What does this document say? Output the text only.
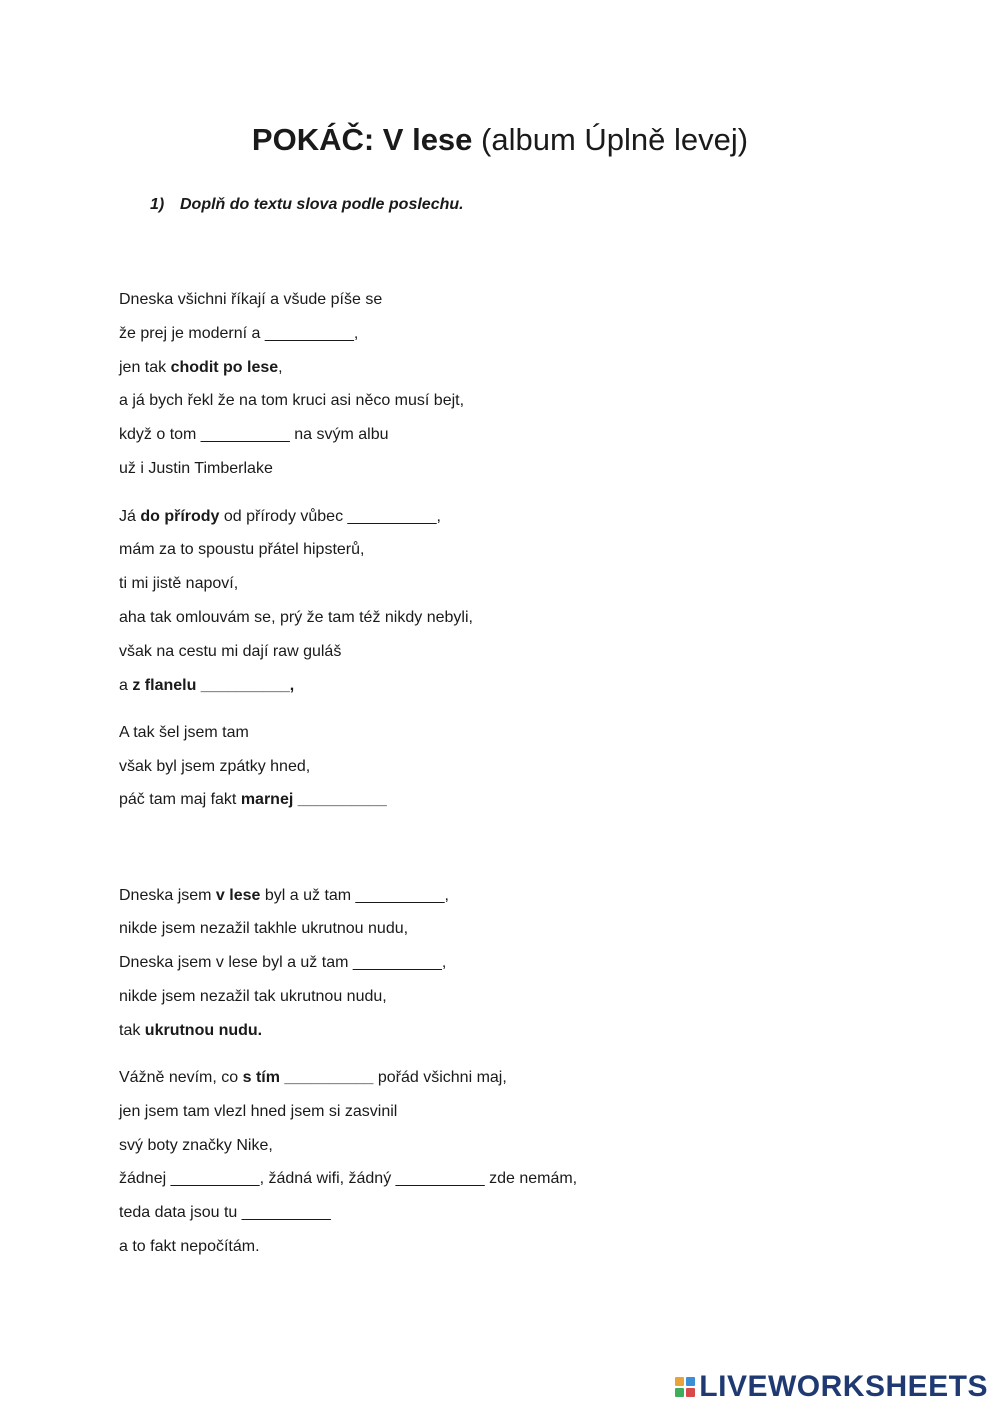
POKÁČ: V lese (album Úplně levej)
1) Doplň do textu slova podle poslechu.
Dneska všichni říkají a všude píše se
že prej je moderní a __________,
jen tak chodit po lese,
a já bych řekl že na tom kruci asi něco musí bejt,
když o tom __________ na svým albu
už i Justin Timberlake
Já do přírody od přírody vůbec __________,
mám za to spoustu přátel hipsterů,
ti mi jistě napoví,
aha tak omlouvám se, prý že tam též nikdy nebyli,
však na cestu mi dají raw guláš
a z flanelu __________,
A tak šel jsem tam
však byl jsem zpátky hned,
páč tam maj fakt marnej __________
Dneska jsem v lese byl a už tam __________,
nikde jsem nezažil takhle ukrutnou nudu,
Dneska jsem v lese byl a už tam __________,
nikde jsem nezažil tak ukrutnou nudu,
tak ukrutnou nudu.
Vážně nevím, co s tím __________ pořád všichni maj,
jen jsem tam vlezl hned jsem si zasvinil
svý boty značky Nike,
žádnej __________, žádná wifi, žádný __________ zde nemám,
teda data jsou tu __________
a to fakt nepočítám.
LIVEWORKSHEETS
